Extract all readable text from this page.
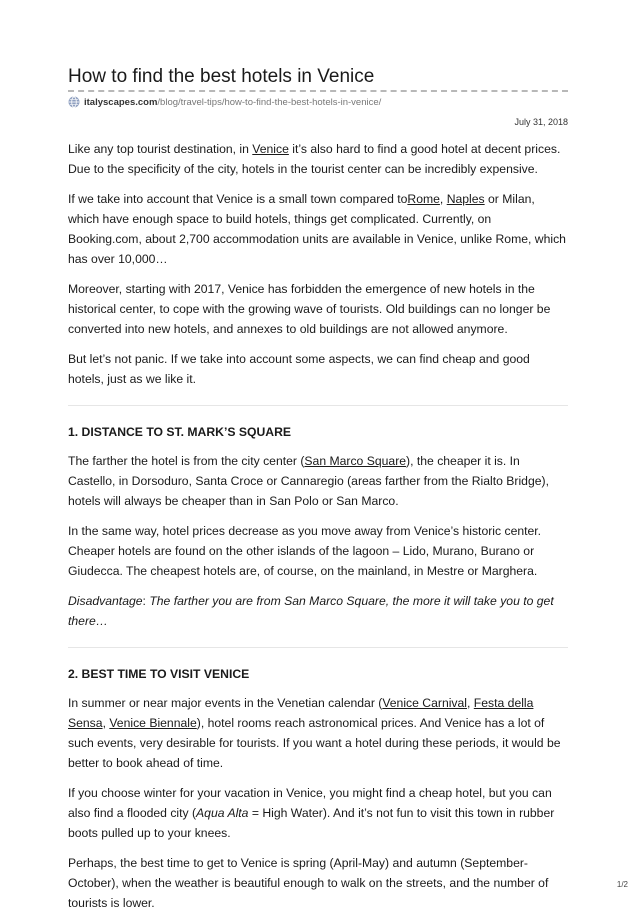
How to find the best hotels in Venice
italyscapes.com /blog/travel-tips/how-to-find-the-best-hotels-in-venice/
July 31, 2018

Like any top tourist destination, in Venice it’s also hard to find a good hotel at decent prices. Due to the specificity of the city, hotels in the tourist center can be incredibly expensive.

If we take into account that Venice is a small town compared toRome, Naples or Milan, which have enough space to build hotels, things get complicated. Currently, on Booking.com, about 2,700 accommodation units are available in Venice, unlike Rome, which has over 10,000…

Moreover, starting with 2017, Venice has forbidden the emergence of new hotels in the historical center, to cope with the growing wave of tourists. Old buildings can no longer be converted into new hotels, and annexes to old buildings are not allowed anymore.

But let’s not panic. If we take into account some aspects, we can find cheap and good hotels, just as we like it.

1. DISTANCE TO ST. MARK’S SQUARE

The farther the hotel is from the city center (San Marco Square), the cheaper it is. In Castello, in Dorsoduro, Santa Croce or Cannaregio (areas farther from the Rialto Bridge), hotels will always be cheaper than in San Polo or San Marco.

In the same way, hotel prices decrease as you move away from Venice’s historic center. Cheaper hotels are found on the other islands of the lagoon – Lido, Murano, Burano or Giudecca. The cheapest hotels are, of course, on the mainland, in Mestre or Marghera.

Disadvantage: The farther you are from San Marco Square, the more it will take you to get there…

2. BEST TIME TO VISIT VENICE

In summer or near major events in the Venetian calendar (Venice Carnival, Festa della Sensa, Venice Biennale), hotel rooms reach astronomical prices. And Venice has a lot of such events, very desirable for tourists. If you want a hotel during these periods, it would be better to book ahead of time.

If you choose winter for your vacation in Venice, you might find a cheap hotel, but you can also find a flooded city (Aqua Alta = High Water). And it’s not fun to visit this town in rubber boots pulled up to your knees.

Perhaps, the best time to get to Venice is spring (April-May) and autumn (September-October), when the weather is beautiful enough to walk on the streets, and the number of tourists is lower.

1/2
